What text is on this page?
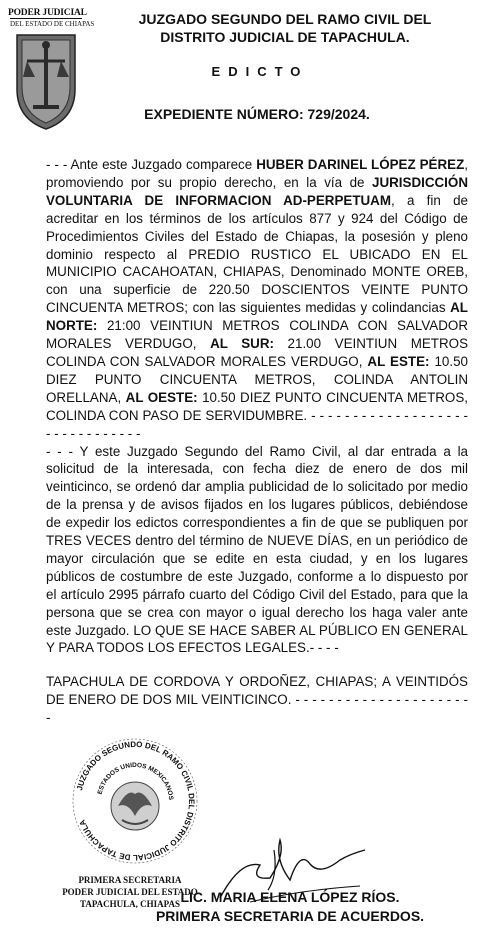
PODER JUDICIAL
DEL ESTADO DE CHIAPAS	JUZGADO SEGUNDO DEL RAMO CIVIL DEL
DISTRITO JUDICIAL DE TAPACHULA.
EDICTO
EXPEDIENTE NÚMERO: 729/2024.

- - - Ante este Juzgado comparece HUBER DARINEL LÓPEZ PÉREZ, promoviendo por su propio derecho, en la vía de JURISDICCIÓN VOLUNTARIA DE INFORMACION AD-PERPETUAM, a fin de acreditar en los términos de los artículos 877 y 924 del Código de Procedimientos Civiles del Estado de Chiapas, la posesión y pleno dominio respecto al PREDIO RUSTICO EL UBICADO EN EL MUNICIPIO CACAHOATAN, CHIAPAS, Denominado MONTE OREB, con una superficie de 220.50 DOSCIENTOS VEINTE PUNTO CINCUENTA METROS; con las siguientes medidas y colindancias AL NORTE: 21:00 VEINTIUN METROS COLINDA CON SALVADOR MORALES VERDUGO, AL SUR: 21.00 VEINTIUN METROS COLINDA CON SALVADOR MORALES VERDUGO, AL ESTE: 10.50 DIEZ PUNTO CINCUENTA METROS, COLINDA ANTOLIN ORELLANA, AL OESTE: 10.50 DIEZ PUNTO CINCUENTA METROS, COLINDA CON PASO DE SERVIDUMBRE. - - - - - - - - - - - - - - - - - - - - - - - - - - - - - - -

- - - Y este Juzgado Segundo del Ramo Civil, al dar entrada a la solicitud de la interesada, con fecha diez de enero de dos mil veinticinco, se ordenó dar amplia publicidad de lo solicitado por medio de la prensa y de avisos fijados en los lugares públicos, debiéndose de expedir los edictos correspondientes a fin de que se publiquen por TRES VECES dentro del término de NUEVE DÍAS, en un periódico de mayor circulación que se edite en esta ciudad, y en los lugares públicos de costumbre de este Juzgado, conforme a lo dispuesto por el artículo 2995 párrafo cuarto del Código Civil del Estado, para que la persona que se crea con mayor o igual derecho los haga valer ante este Juzgado. LO QUE SE HACE SABER AL PÚBLICO EN GENERAL Y PARA TODOS LOS EFECTOS LEGALES.- - - -

TAPACHULA DE CORDOVA Y ORDOÑEZ, CHIAPAS; A VEINTIDÓS DE ENERO DE DOS MIL VEINTICINCO. - - - - - - - - - - - - - - - - - - - - - -

JUZGADO SEGUNDO DEL RAMO CIVIL DEL DISTRITO JUDICIAL DE TAPACHULA
ESTADOS UNIDOS MEXICANOS
PRIMERA SECRETARIA
PODER JUDICIAL DEL ESTADO
TAPACHULA, CHIAPAS LIC. MARIA ELENA LÓPEZ RÍOS.
PRIMERA SECRETARIA DE ACUERDOS.
